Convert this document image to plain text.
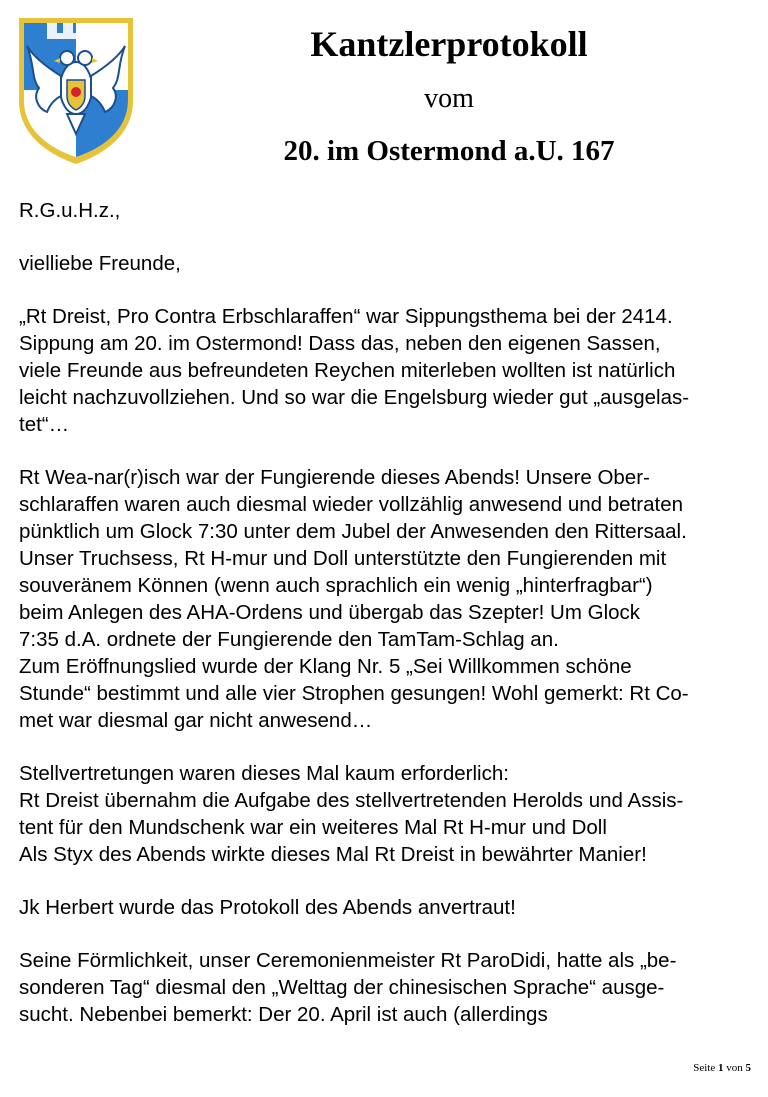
Kantzlerprotokoll
vom
20. im Ostermond a.U. 167

R.G.u.H.z.,

vielliebe Freunde,

„Rt Dreist, Pro Contra Erbschlaraffen“ war Sippungsthema bei der 2414.
Sippung am 20. im Ostermond! Dass das, neben den eigenen Sassen,
viele Freunde aus befreundeten Reychen miterleben wollten ist natürlich
leicht nachzuvollziehen. Und so war die Engelsburg wieder gut „ausgelas-
tet“…

Rt Wea-nar(r)isch war der Fungierende dieses Abends! Unsere Ober-
schlaraffen waren auch diesmal wieder vollzählig anwesend und betraten
pünktlich um Glock 7:30 unter dem Jubel der Anwesenden den Rittersaal.
Unser Truchsess, Rt H-mur und Doll unterstützte den Fungierenden mit
souveränem Können (wenn auch sprachlich ein wenig „hinterfragbar“)
beim Anlegen des AHA-Ordens und übergab das Szepter! Um Glock
7:35 d.A. ordnete der Fungierende den TamTam-Schlag an.
Zum Eröffnungslied wurde der Klang Nr. 5 „Sei Willkommen schöne
Stunde“ bestimmt und alle vier Strophen gesungen! Wohl gemerkt: Rt Co-
met war diesmal gar nicht anwesend…

Stellvertretungen waren dieses Mal kaum erforderlich:
Rt Dreist übernahm die Aufgabe des stellvertretenden Herolds und Assis-
tent für den Mundschenk war ein weiteres Mal Rt H-mur und Doll
Als Styx des Abends wirkte dieses Mal Rt Dreist in bewährter Manier!

Jk Herbert wurde das Protokoll des Abends anvertraut!

Seine Förmlichkeit, unser Ceremonienmeister Rt ParoDidi, hatte als „be-
sonderen Tag“ diesmal den „Welttag der chinesischen Sprache“ ausge-
sucht. Nebenbei bemerkt: Der 20. April ist auch (allerdings

Seite 1 von 5
